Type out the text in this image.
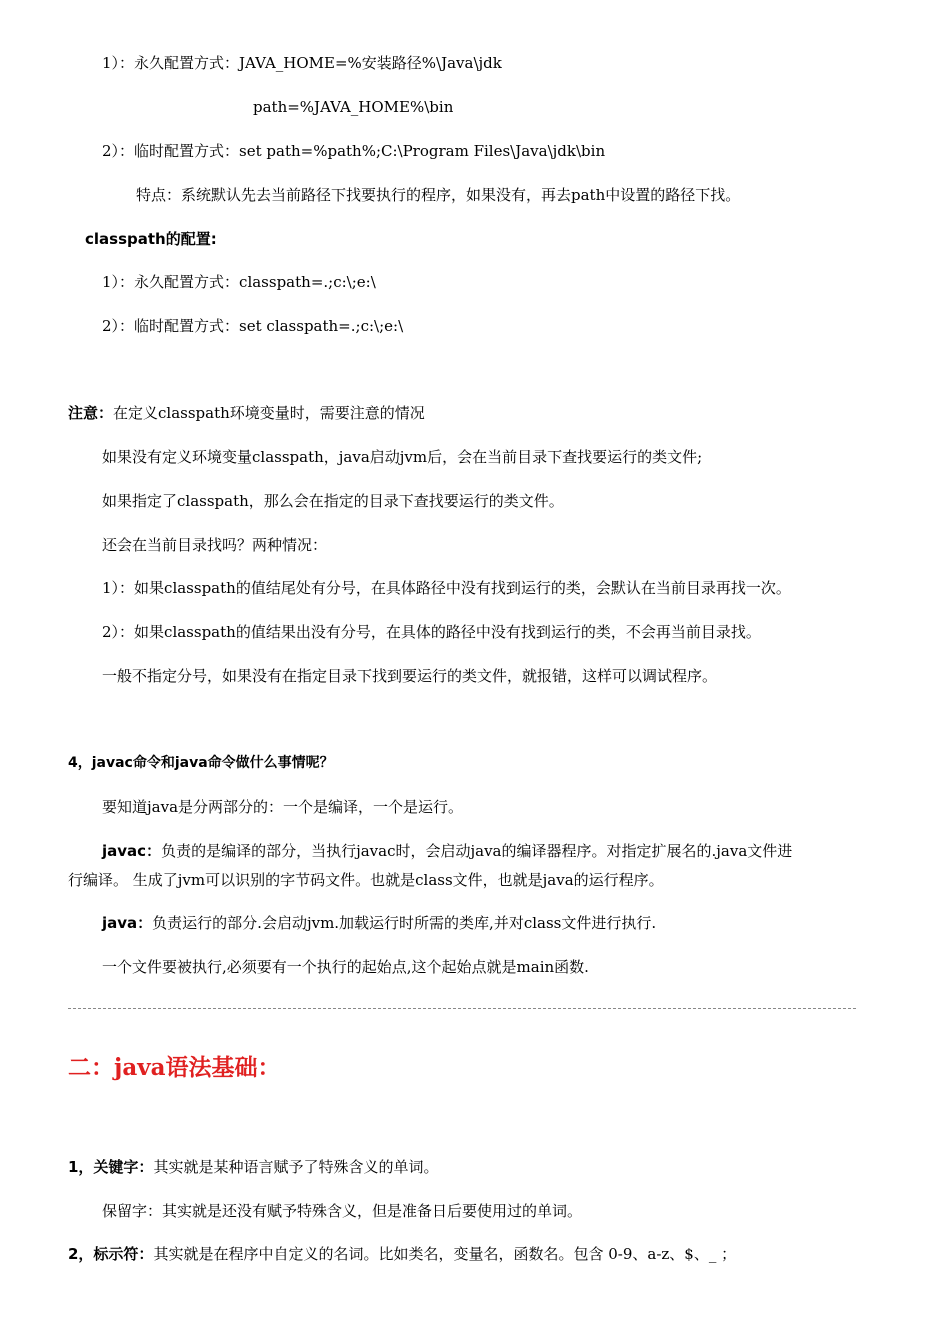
1）：永久配置方式：JAVA_HOME=%安装路径%\Java\jdk
path=%JAVA_HOME%\bin
2）：临时配置方式：set path=%path%;C:\Program Files\Java\jdk\bin
特点：系统默认先去当前路径下找要执行的程序，如果没有，再去path中设置的路径下找。
classpath的配置:
1）：永久配置方式：classpath=.;c:\;e:\
2）：临时配置方式：set classpath=.;c:\;e:\
注意：在定义classpath环境变量时，需要注意的情况
如果没有定义环境变量classpath，java启动jvm后，会在当前目录下查找要运行的类文件;
如果指定了classpath，那么会在指定的目录下查找要运行的类文件。
还会在当前目录找吗？两种情况：
1）：如果classpath的值结尾处有分号，在具体路径中没有找到运行的类，会默认在当前目录再找一次。
2）：如果classpath的值结果出没有分号，在具体的路径中没有找到运行的类，不会再当前目录找。
一般不指定分号，如果没有在指定目录下找到要运行的类文件，就报错，这样可以调试程序。
4，javac命令和java命令做什么事情呢？
要知道java是分两部分的：一个是编译，一个是运行。
javac：负责的是编译的部分，当执行javac时，会启动java的编译器程序。对指定扩展名的.java文件进
行编译。 生成了jvm可以识别的字节码文件。也就是class文件，也就是java的运行程序。
java：负责运行的部分.会启动jvm.加载运行时所需的类库,并对class文件进行执行.
一个文件要被执行,必须要有一个执行的起始点,这个起始点就是main函数.
二：java语法基础：
1，关键字：其实就是某种语言赋予了特殊含义的单词。
保留字：其实就是还没有赋予特殊含义，但是准备日后要使用过的单词。
2，标示符：其实就是在程序中自定义的名词。比如类名，变量名，函数名。包含 0-9、a-z、$、_ ；
